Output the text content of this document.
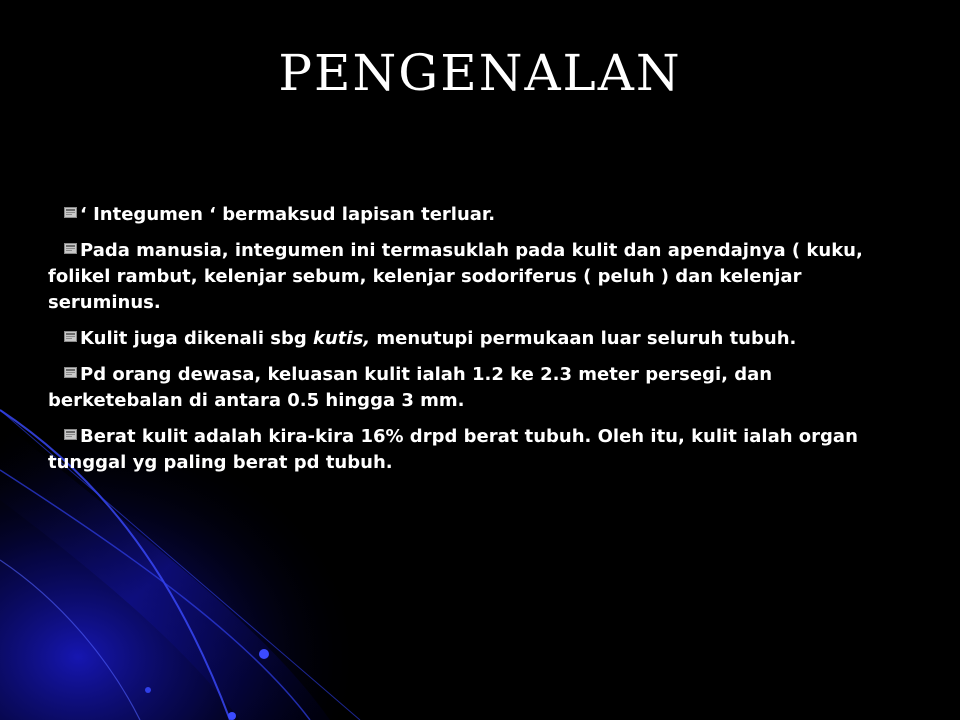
PENGENALAN
‘ Integumen ‘ bermaksud lapisan terluar.
Pada manusia, integumen ini termasuklah pada kulit dan apendajnya ( kuku, folikel rambut, kelenjar sebum, kelenjar sodoriferus ( peluh ) dan kelenjar seruminus.
Kulit juga dikenali sbg kutis, menutupi permukaan luar seluruh tubuh.
Pd orang dewasa, keluasan kulit ialah 1.2 ke 2.3 meter persegi, dan berketebalan di antara 0.5 hingga 3 mm.
Berat kulit adalah kira-kira 16% drpd berat tubuh. Oleh itu, kulit ialah organ tunggal yg paling berat pd tubuh.
